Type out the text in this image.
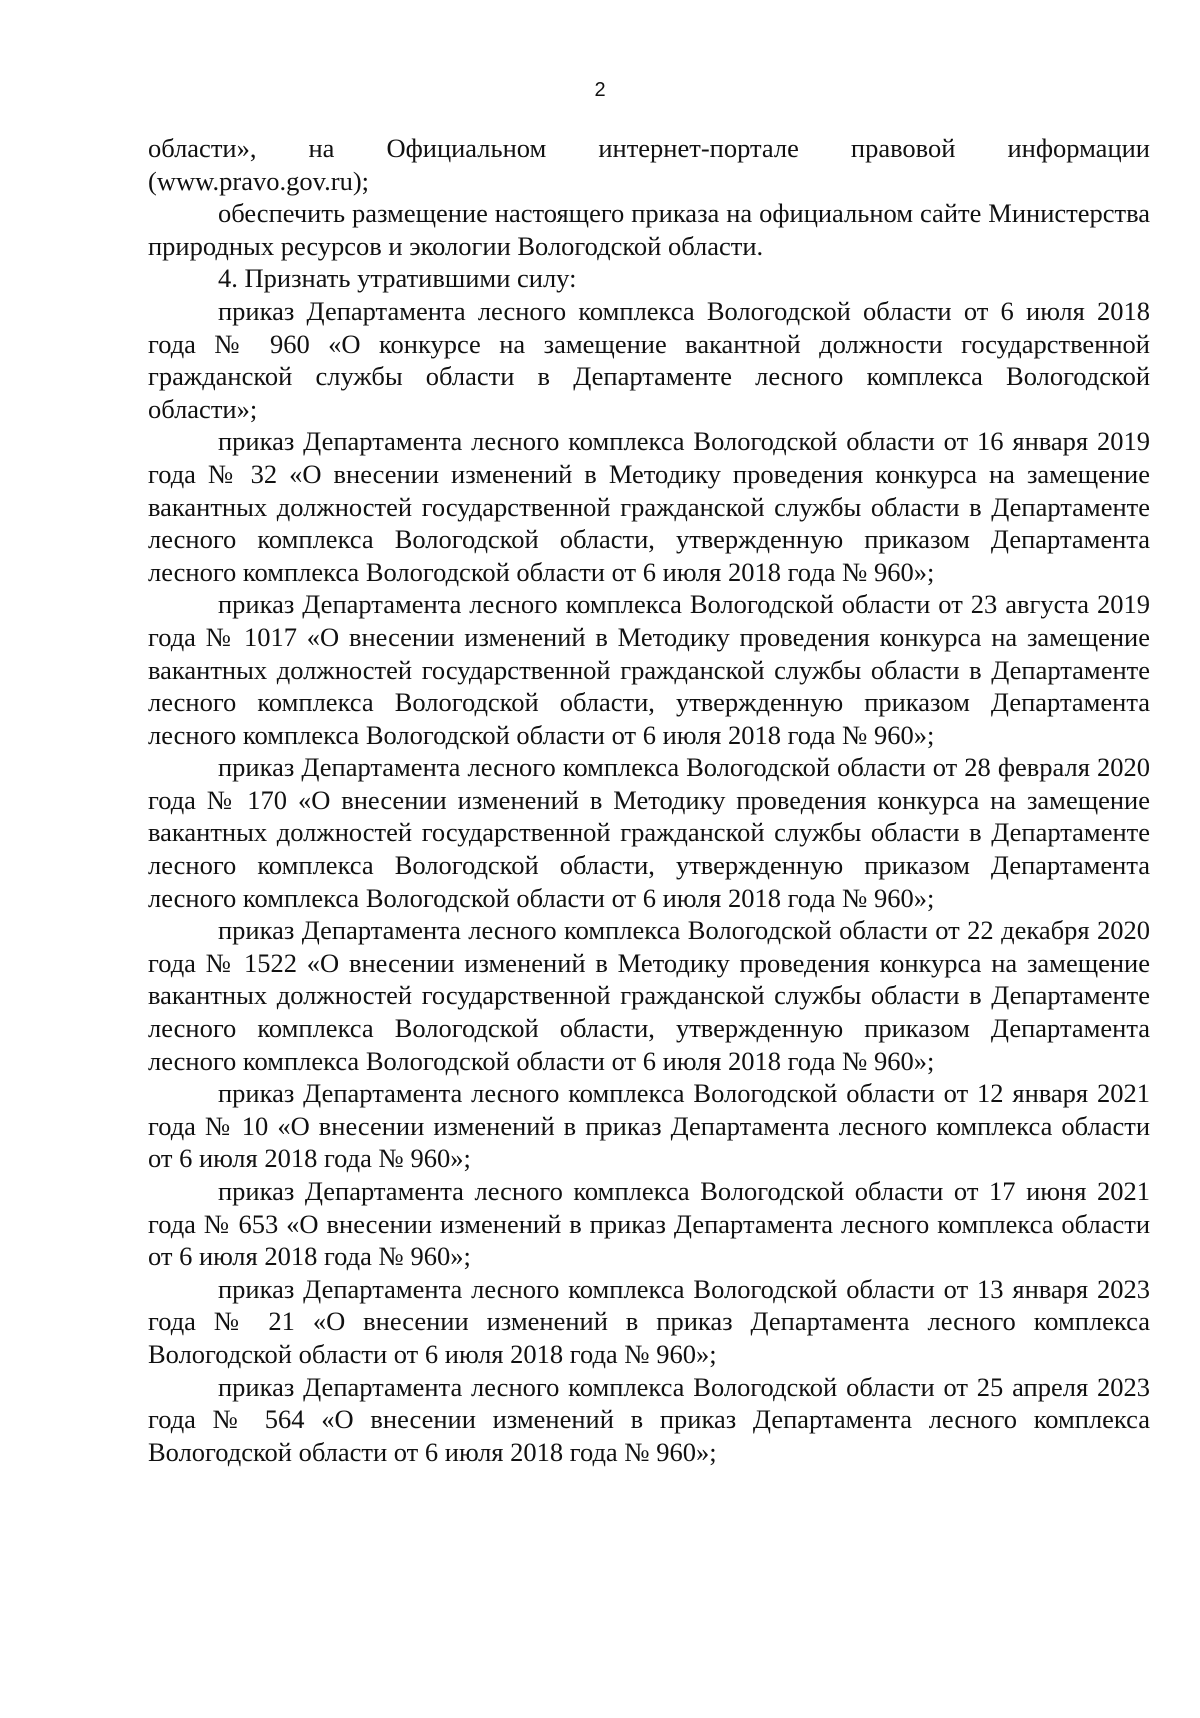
2

области», на Официальном интернет-портале правовой информации (www.pravo.gov.ru);

обеспечить размещение настоящего приказа на официальном сайте Министерства природных ресурсов и экологии Вологодской области.

4. Признать утратившими силу:

приказ Департамента лесного комплекса Вологодской области от 6 июля 2018 года № 960 «О конкурсе на замещение вакантной должности государственной гражданской службы области в Департаменте лесного комплекса Вологодской области»;

приказ Департамента лесного комплекса Вологодской области от 16 января 2019 года № 32 «О внесении изменений в Методику проведения конкурса на замещение вакантных должностей государственной гражданской службы области в Департаменте лесного комплекса Вологодской области, утвержденную приказом Департамента лесного комплекса Вологодской области от 6 июля 2018 года № 960»;

приказ Департамента лесного комплекса Вологодской области от 23 августа 2019 года № 1017 «О внесении изменений в Методику проведения конкурса на замещение вакантных должностей государственной гражданской службы области в Департаменте лесного комплекса Вологодской области, утвержденную приказом Департамента лесного комплекса Вологодской области от 6 июля 2018 года № 960»;

приказ Департамента лесного комплекса Вологодской области от 28 февраля 2020 года № 170 «О внесении изменений в Методику проведения конкурса на замещение вакантных должностей государственной гражданской службы области в Департаменте лесного комплекса Вологодской области, утвержденную приказом Департамента лесного комплекса Вологодской области от 6 июля 2018 года № 960»;

приказ Департамента лесного комплекса Вологодской области от 22 декабря 2020 года № 1522 «О внесении изменений в Методику проведения конкурса на замещение вакантных должностей государственной гражданской службы области в Департаменте лесного комплекса Вологодской области, утвержденную приказом Департамента лесного комплекса Вологодской области от 6 июля 2018 года № 960»;

приказ Департамента лесного комплекса Вологодской области от 12 января 2021 года № 10 «О внесении изменений в приказ Департамента лесного комплекса области от 6 июля 2018 года № 960»;

приказ Департамента лесного комплекса Вологодской области от 17 июня 2021 года № 653 «О внесении изменений в приказ Департамента лесного комплекса области от 6 июля 2018 года № 960»;

приказ Департамента лесного комплекса Вологодской области от 13 января 2023 года № 21 «О внесении изменений в приказ Департамента лесного комплекса Вологодской области от 6 июля 2018 года № 960»;

приказ Департамента лесного комплекса Вологодской области от 25 апреля 2023 года № 564 «О внесении изменений в приказ Департамента лесного комплекса Вологодской области от 6 июля 2018 года № 960»;
